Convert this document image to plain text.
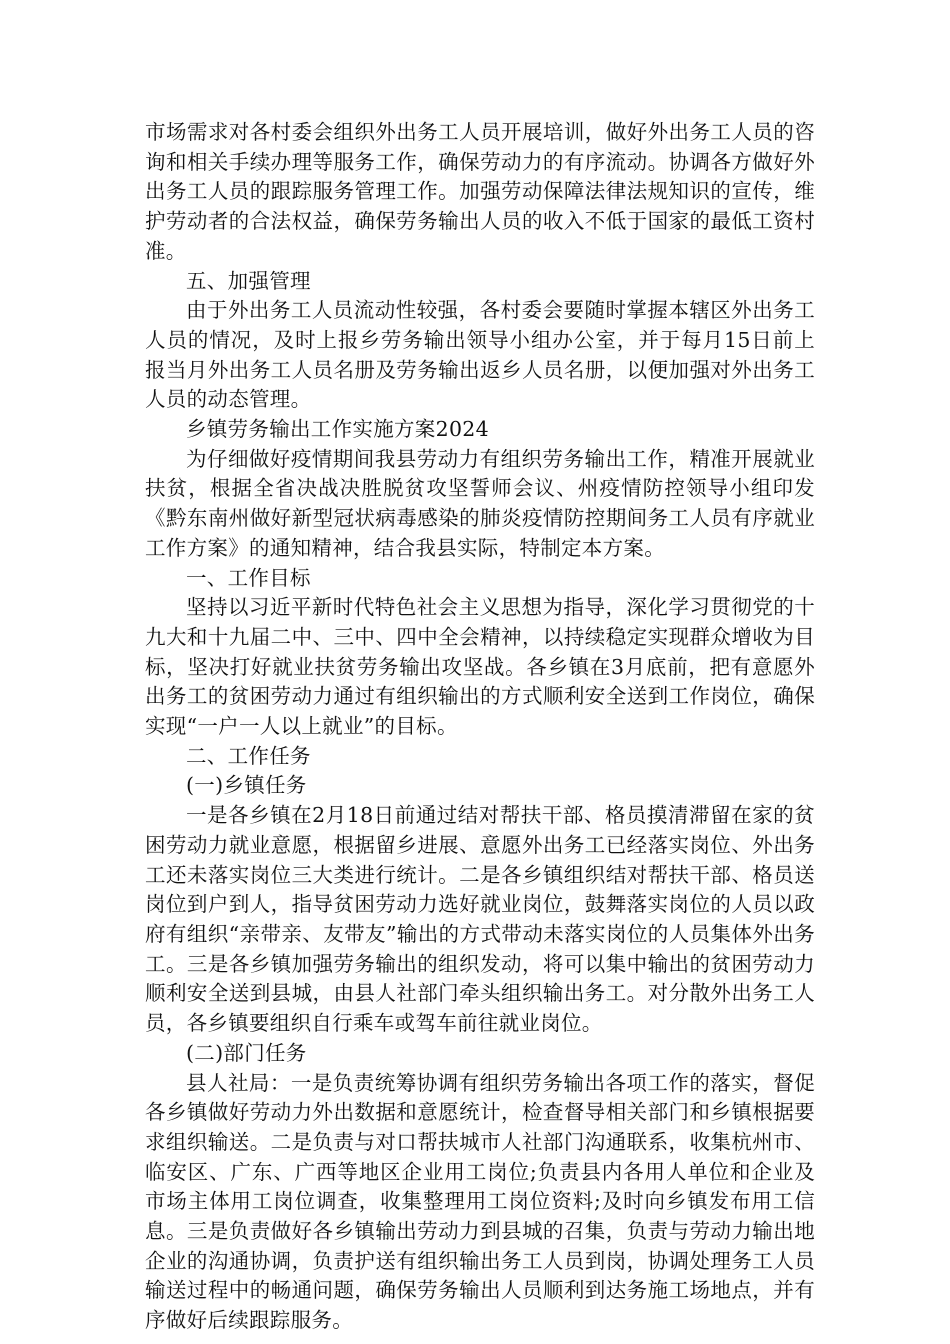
市场需求对各村委会组织外出务工人员开展培训，做好外出务工人员的咨询和相关手续办理等服务工作，确保劳动力的有序流动。协调各方做好外出务工人员的跟踪服务管理工作。加强劳动保障法律法规知识的宣传，维护劳动者的合法权益，确保劳务输出人员的收入不低于国家的最低工资村准。

五、加强管理

由于外出务工人员流动性较强，各村委会要随时掌握本辖区外出务工人员的情况，及时上报乡劳务输出领导小组办公室，并于每月15日前上报当月外出务工人员名册及劳务输出返乡人员名册，以便加强对外出务工人员的动态管理。

乡镇劳务输出工作实施方案2024

为仔细做好疫情期间我县劳动力有组织劳务输出工作，精准开展就业扶贫，根据全省决战决胜脱贫攻坚誓师会议、州疫情防控领导小组印发《黔东南州做好新型冠状病毒感染的肺炎疫情防控期间务工人员有序就业工作方案》的通知精神，结合我县实际，特制定本方案。

一、工作目标

坚持以习近平新时代特色社会主义思想为指导，深化学习贯彻党的十九大和十九届二中、三中、四中全会精神，以持续稳定实现群众增收为目标，坚决打好就业扶贫劳务输出攻坚战。各乡镇在3月底前，把有意愿外出务工的贫困劳动力通过有组织输出的方式顺利安全送到工作岗位，确保实现“一户一人以上就业”的目标。

二、工作任务

(一)乡镇任务

一是各乡镇在2月18日前通过结对帮扶干部、格员摸清滞留在家的贫困劳动力就业意愿，根据留乡进展、意愿外出务工已经落实岗位、外出务工还未落实岗位三大类进行统计。二是各乡镇组织结对帮扶干部、格员送岗位到户到人，指导贫困劳动力选好就业岗位，鼓舞落实岗位的人员以政府有组织“亲带亲、友带友”输出的方式带动未落实岗位的人员集体外出务工。三是各乡镇加强劳务输出的组织发动，将可以集中输出的贫困劳动力顺利安全送到县城，由县人社部门牵头组织输出务工。对分散外出务工人员，各乡镇要组织自行乘车或驾车前往就业岗位。

(二)部门任务

县人社局：一是负责统筹协调有组织劳务输出各项工作的落实，督促各乡镇做好劳动力外出数据和意愿统计，检查督导相关部门和乡镇根据要求组织输送。二是负责与对口帮扶城市人社部门沟通联系，收集杭州市、临安区、广东、广西等地区企业用工岗位;负责县内各用人单位和企业及市场主体用工岗位调查，收集整理用工岗位资料;及时向乡镇发布用工信息。三是负责做好各乡镇输出劳动力到县城的召集，负责与劳动力输出地企业的沟通协调，负责护送有组织输出务工人员到岗，协调处理务工人员输送过程中的畅通问题，确保劳务输出人员顺利到达务施工场地点，并有序做好后续跟踪服务。
